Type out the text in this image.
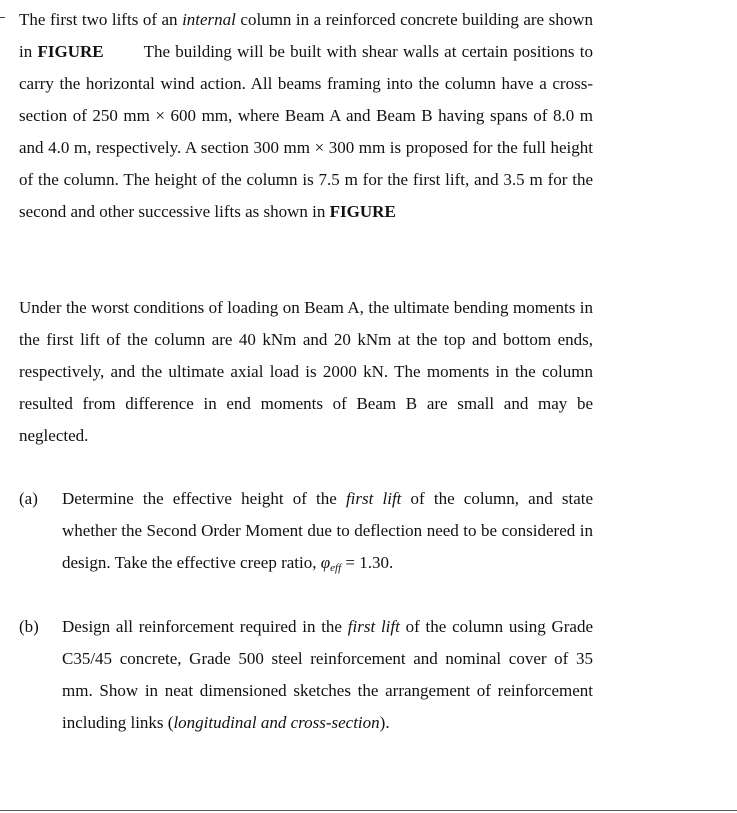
The first two lifts of an internal column in a reinforced concrete building are shown in FIGURE The building will be built with shear walls at certain positions to carry the horizontal wind action. All beams framing into the column have a cross-section of 250 mm × 600 mm, where Beam A and Beam B having spans of 8.0 m and 4.0 m, respectively. A section 300 mm × 300 mm is proposed for the full height of the column. The height of the column is 7.5 m for the first lift, and 3.5 m for the second and other successive lifts as shown in FIGURE

Under the worst conditions of loading on Beam A, the ultimate bending moments in the first lift of the column are 40 kNm and 20 kNm at the top and bottom ends, respectively, and the ultimate axial load is 2000 kN. The moments in the column resulted from difference in end moments of Beam B are small and may be neglected.

(a)	Determine the effective height of the first lift of the column, and state whether the Second Order Moment due to deflection need to be considered in design. Take the effective creep ratio, $\varphi_{eff} = 1.30$.
(b)	Design all reinforcement required in the first lift of the column using Grade C35/45 concrete, Grade 500 steel reinforcement and nominal cover of 35 mm. Show in neat dimensioned sketches the arrangement of reinforcement including links (longitudinal and cross-section).
